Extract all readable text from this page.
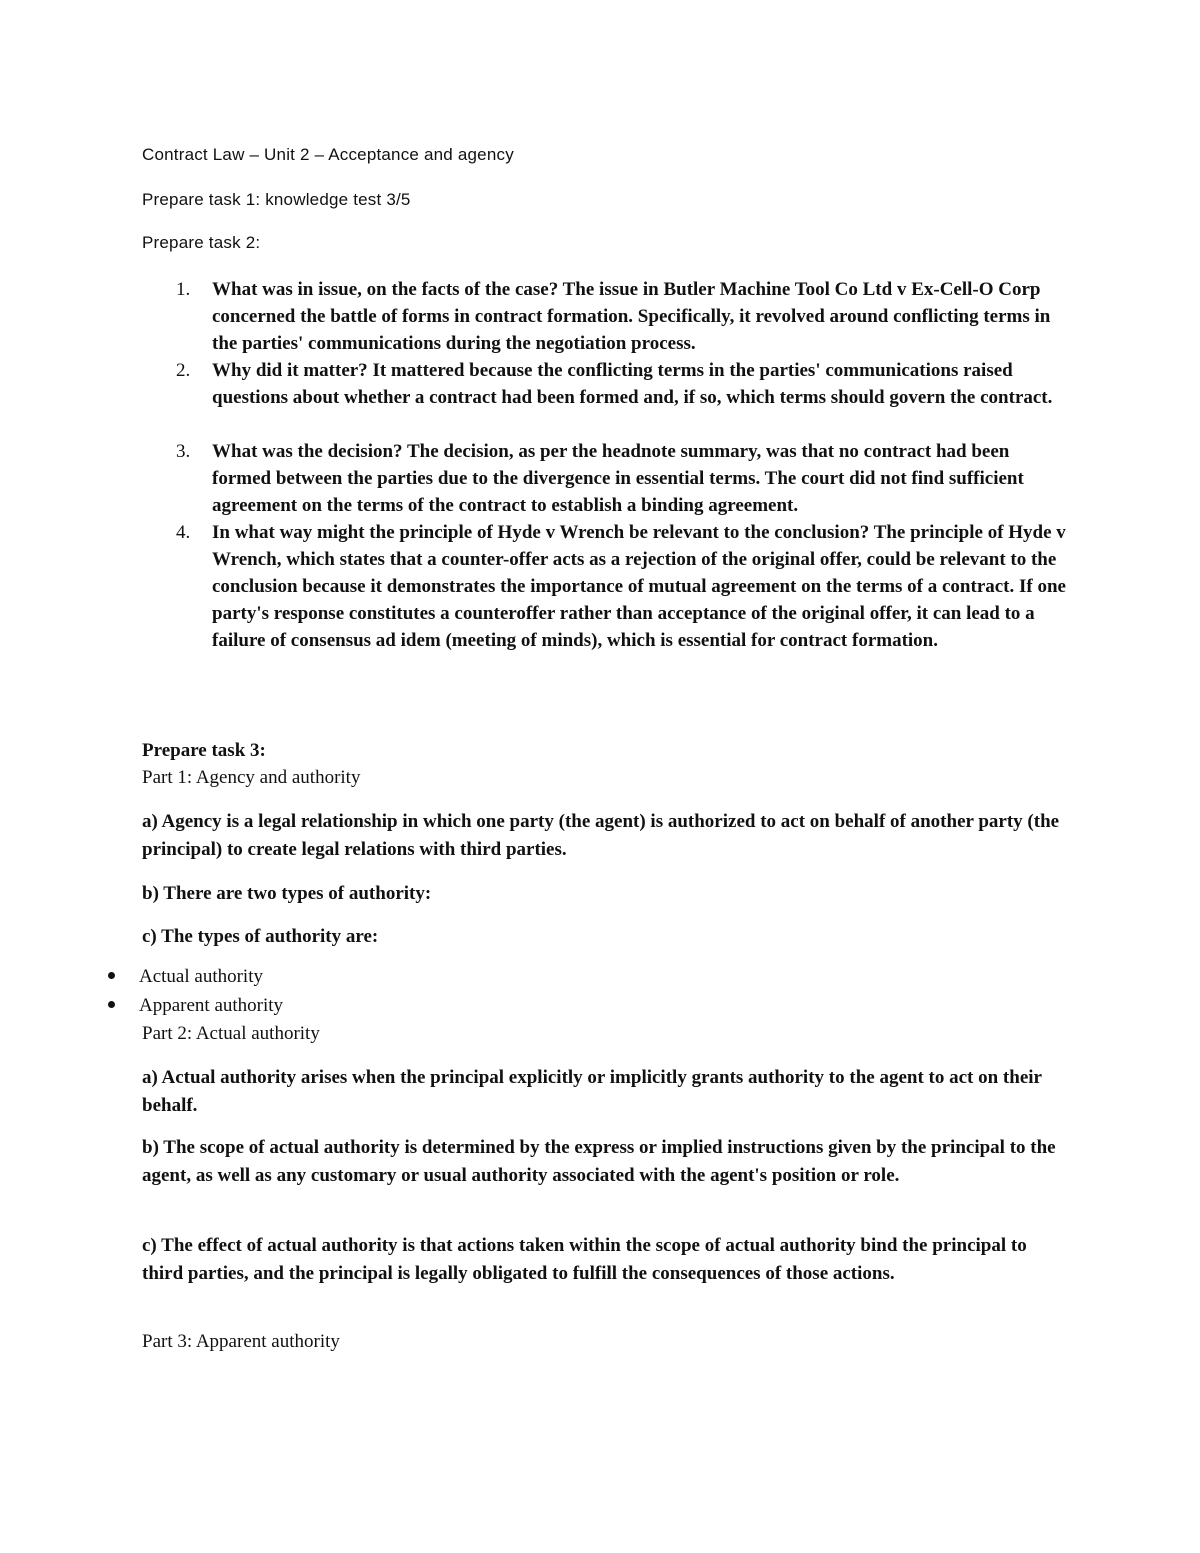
Contract Law – Unit 2 – Acceptance and agency

Prepare task 1: knowledge test 3/5

Prepare task 2:

1. What was in issue, on the facts of the case? The issue in Butler Machine Tool Co Ltd v Ex-Cell-O Corp concerned the battle of forms in contract formation. Specifically, it revolved around conflicting terms in the parties' communications during the negotiation process.
2. Why did it matter? It mattered because the conflicting terms in the parties' communications raised questions about whether a contract had been formed and, if so, which terms should govern the contract.
3. What was the decision? The decision, as per the headnote summary, was that no contract had been formed between the parties due to the divergence in essential terms. The court did not find sufficient agreement on the terms of the contract to establish a binding agreement.
4. In what way might the principle of Hyde v Wrench be relevant to the conclusion? The principle of Hyde v Wrench, which states that a counter-offer acts as a rejection of the original offer, could be relevant to the conclusion because it demonstrates the importance of mutual agreement on the terms of a contract. If one party's response constitutes a counteroffer rather than acceptance of the original offer, it can lead to a failure of consensus ad idem (meeting of minds), which is essential for contract formation.

Prepare task 3:

Part 1: Agency and authority

a) Agency is a legal relationship in which one party (the agent) is authorized to act on behalf of another party (the principal) to create legal relations with third parties.

b) There are two types of authority:

c) The types of authority are:

Actual authority
Apparent authority

Part 2: Actual authority

a) Actual authority arises when the principal explicitly or implicitly grants authority to the agent to act on their behalf.

b) The scope of actual authority is determined by the express or implied instructions given by the principal to the agent, as well as any customary or usual authority associated with the agent's position or role.

c) The effect of actual authority is that actions taken within the scope of actual authority bind the principal to third parties, and the principal is legally obligated to fulfill the consequences of those actions.

Part 3: Apparent authority
